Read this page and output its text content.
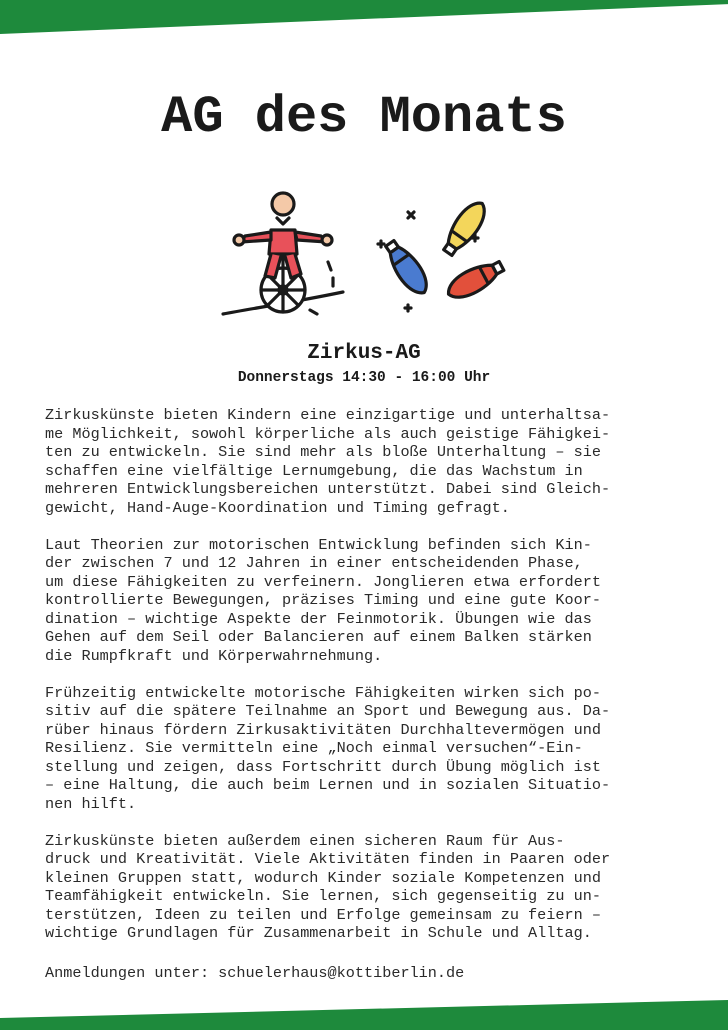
AG des Monats
Zirkus-AG
Donnerstags 14:30 - 16:00 Uhr
Zirkuskünste bieten Kindern eine einzigartige und unterhaltsa-
me Möglichkeit, sowohl körperliche als auch geistige Fähigkei-
ten zu entwickeln. Sie sind mehr als bloße Unterhaltung – sie
schaffen eine vielfältige Lernumgebung, die das Wachstum in
mehreren Entwicklungsbereichen unterstützt. Dabei sind Gleich-
gewicht, Hand-Auge-Koordination und Timing gefragt.
Laut Theorien zur motorischen Entwicklung befinden sich Kin-
der zwischen 7 und 12 Jahren in einer entscheidenden Phase,
um diese Fähigkeiten zu verfeinern. Jonglieren etwa erfordert
kontrollierte Bewegungen, präzises Timing und eine gute Koor-
dination – wichtige Aspekte der Feinmotorik. Übungen wie das
Gehen auf dem Seil oder Balancieren auf einem Balken stärken
die Rumpfkraft und Körperwahrnehmung.
Frühzeitig entwickelte motorische Fähigkeiten wirken sich po-
sitiv auf die spätere Teilnahme an Sport und Bewegung aus. Da-
rüber hinaus fördern Zirkusaktivitäten Durchhaltevermögen und
Resilienz. Sie vermitteln eine „Noch einmal versuchen“-Ein-
stellung und zeigen, dass Fortschritt durch Übung möglich ist
– eine Haltung, die auch beim Lernen und in sozialen Situatio-
nen hilft.
Zirkuskünste bieten außerdem einen sicheren Raum für Aus-
druck und Kreativität. Viele Aktivitäten finden in Paaren oder
kleinen Gruppen statt, wodurch Kinder soziale Kompetenzen und
Teamfähigkeit entwickeln. Sie lernen, sich gegenseitig zu un-
terstützen, Ideen zu teilen und Erfolge gemeinsam zu feiern –
wichtige Grundlagen für Zusammenarbeit in Schule und Alltag.
Anmeldungen unter: schuelerhaus@kottiberlin.de
